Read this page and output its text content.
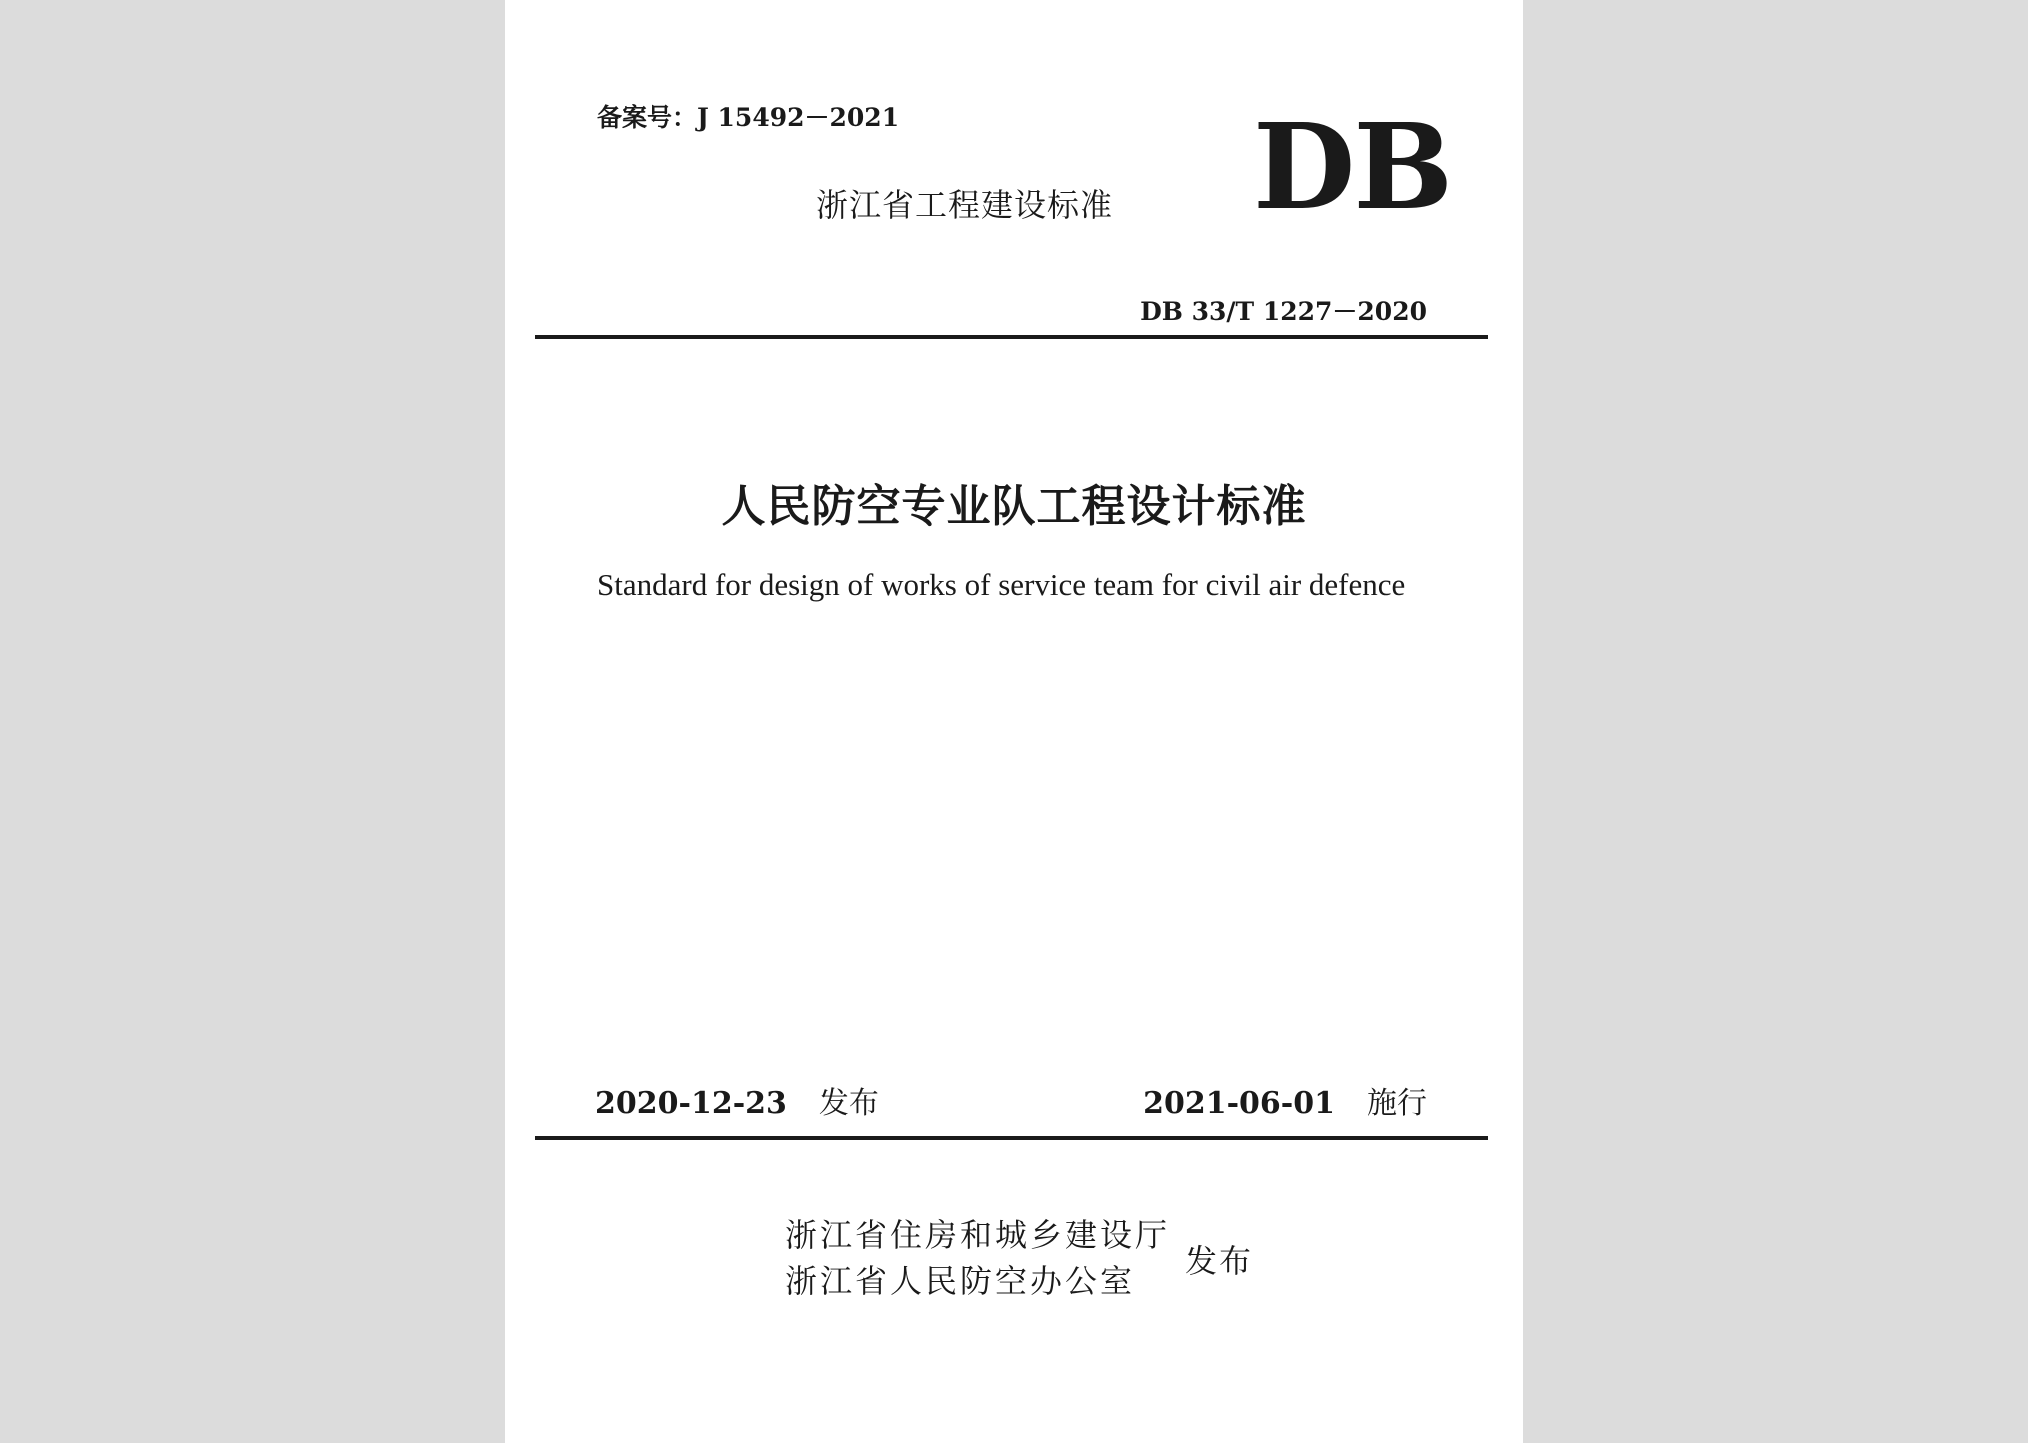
备案号：J 15492－2021
浙江省工程建设标准 DB
DB 33/T 1227－2020
人民防空专业队工程设计标准
Standard for design of works of service team for civil air defence
2020-12-23 发布	2021-06-01 施行
浙江省住房和城乡建设厅
浙江省人民防空办公室
发布
